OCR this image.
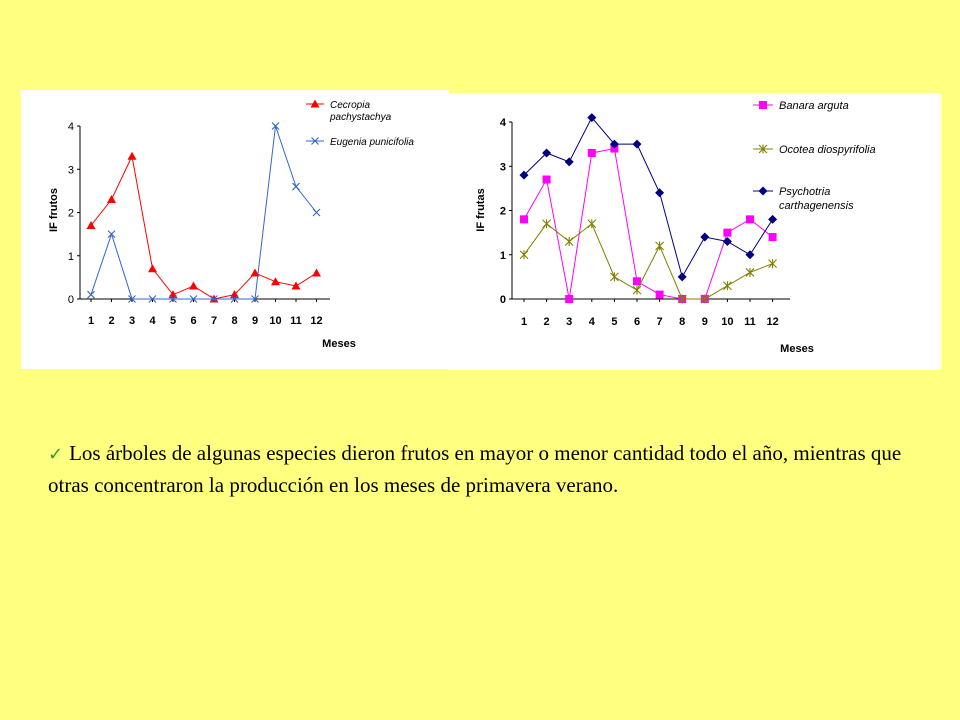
0
1
2
3
4
1 2 3 4 5 6 7 8 9 10 11 12
IF frutos
Meses
Cecropia
pachystachya
Eugenia punicifolia
0
1
2
3
4
1 2 3 4 5 6 7 8 9 10 11 12
IF frutas
Meses
Banara arguta
Ocotea diospyrifolia
Psychotria
carthagenensis
✓ Los árboles de algunas especies dieron frutos en mayor o menor cantidad todo el año, mientras que otras concentraron la producción en los meses de primavera verano.
